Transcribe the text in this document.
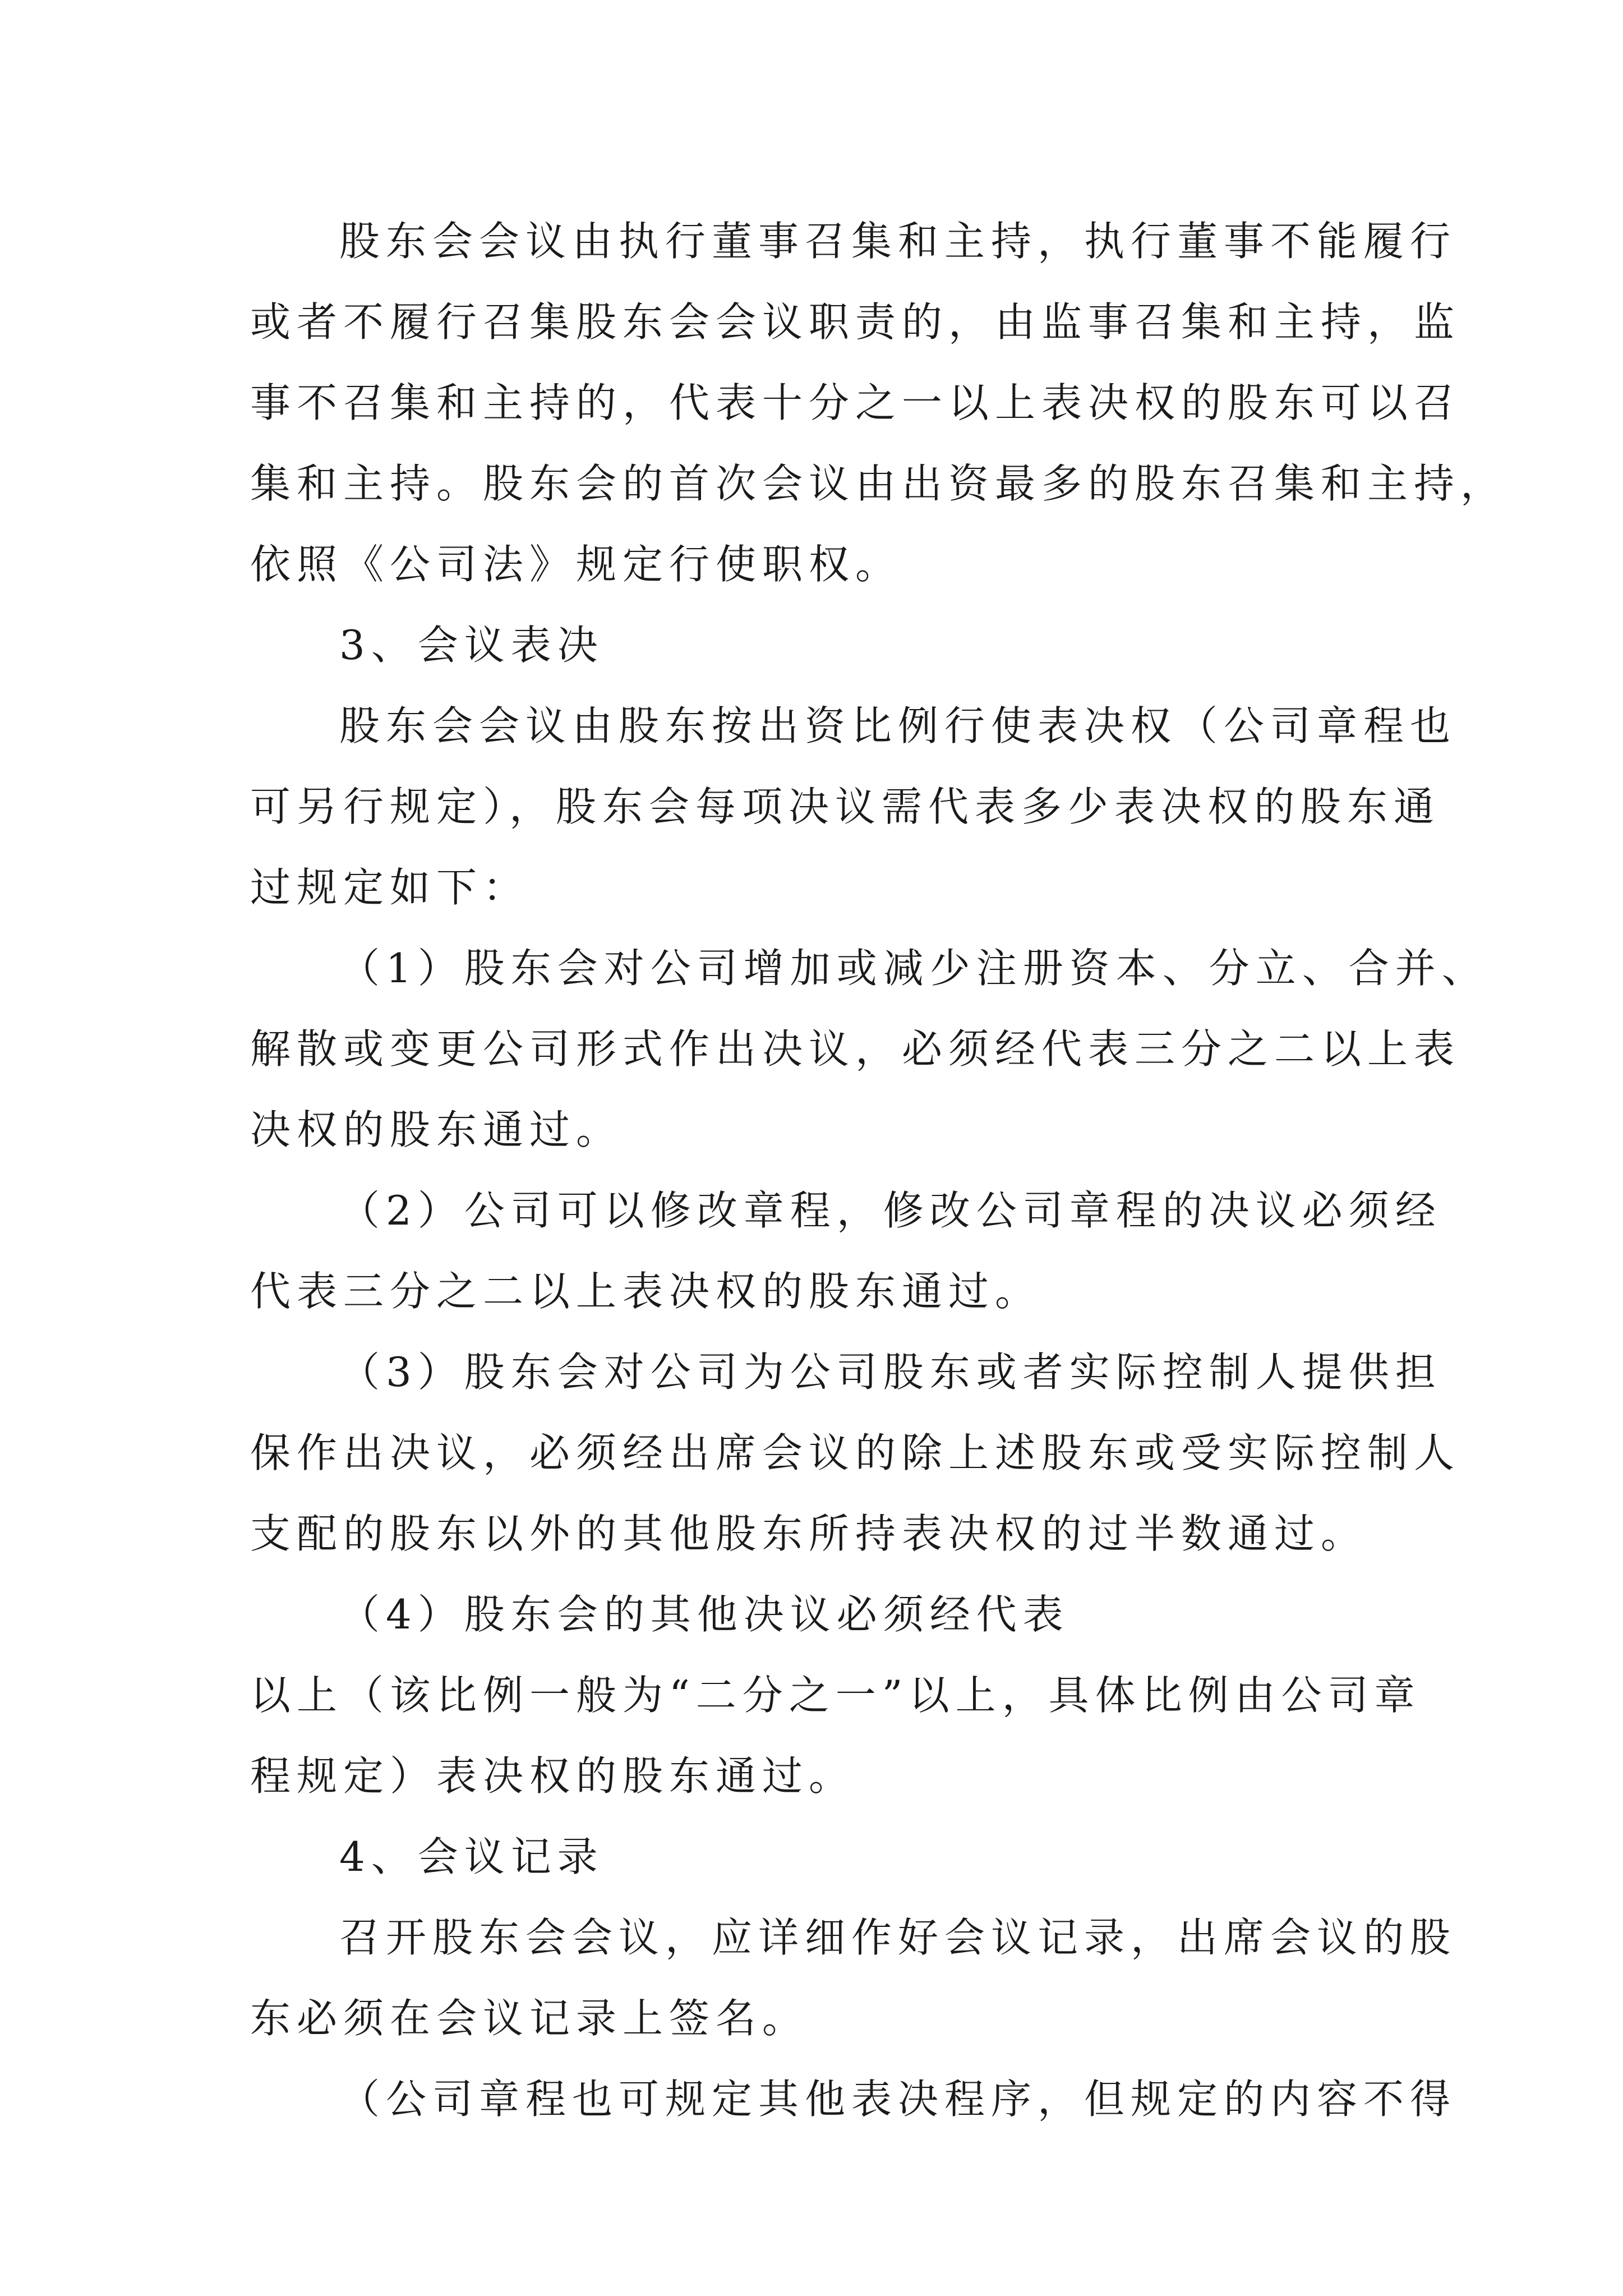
股东会会议由执行董事召集和主持，执行董事不能履行
或者不履行召集股东会会议职责的，由监事召集和主持，监
事不召集和主持的，代表十分之一以上表决权的股东可以召
集和主持。股东会的首次会议由出资最多的股东召集和主持，
依照《公司法》规定行使职权。
3、会议表决
股东会会议由股东按出资比例行使表决权（公司章程也
可另行规定），股东会每项决议需代表多少表决权的股东通
过规定如下：
（1）股东会对公司增加或减少注册资本、分立、合并、
解散或变更公司形式作出决议，必须经代表三分之二以上表
决权的股东通过。
（2）公司可以修改章程，修改公司章程的决议必须经
代表三分之二以上表决权的股东通过。
（3）股东会对公司为公司股东或者实际控制人提供担
保作出决议，必须经出席会议的除上述股东或受实际控制人
支配的股东以外的其他股东所持表决权的过半数通过。
（4）股东会的其他决议必须经代表
以上（该比例一般为“二分之一”以上，具体比例由公司章
程规定）表决权的股东通过。
4、会议记录
召开股东会会议，应详细作好会议记录，出席会议的股
东必须在会议记录上签名。
（公司章程也可规定其他表决程序，但规定的内容不得
